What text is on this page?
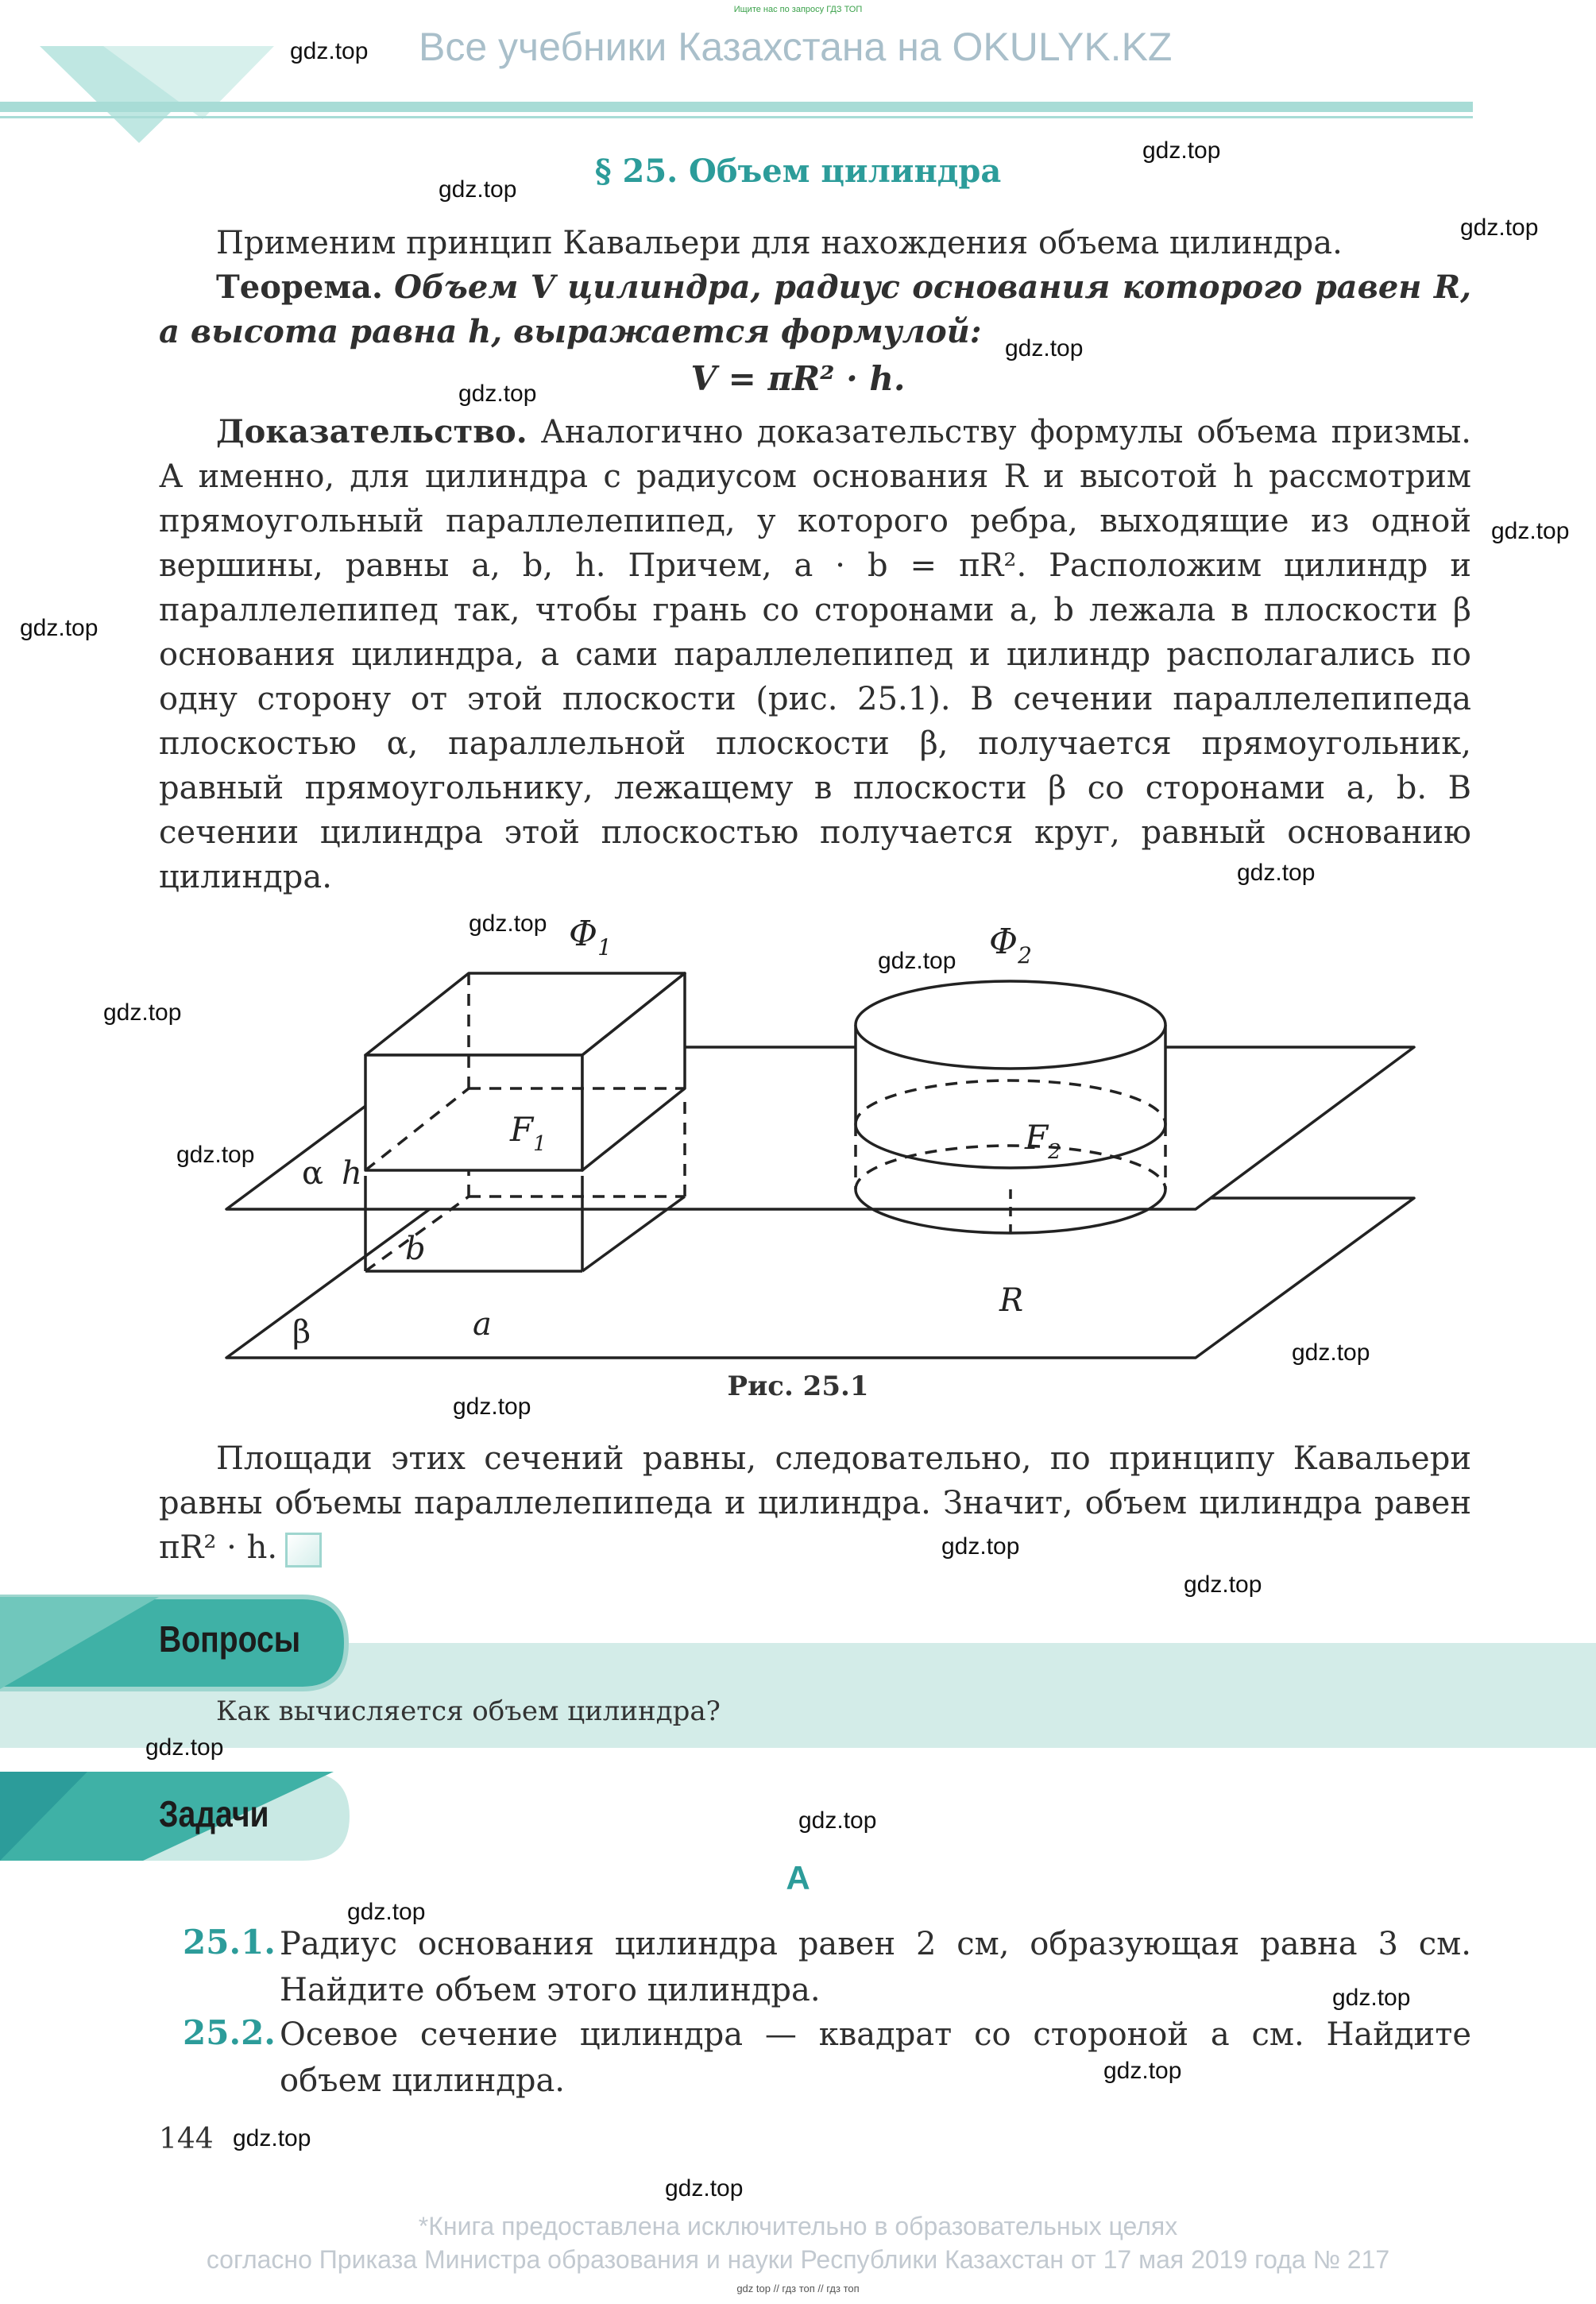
Ищите нас по запросу ГДЗ ТОП
Все учебники Казахстана на OKULYK.KZ
§ 25. Объем цилиндра
Применим принцип Кавальери для нахождения объема цилиндра.
Теорема. Объем V цилиндра, радиус основания которого равен R, а высота равна h, выражается формулой:
V = πR² · h.
Доказательство. Аналогично доказательству формулы объема призмы. А именно, для цилиндра с радиусом основания R и высотой h рассмотрим прямоугольный параллелепипед, у которого ребра, выходящие из одной вершины, равны a, b, h. Причем, a · b = πR². Расположим цилиндр и параллелепипед так, чтобы грань со сторонами a, b лежала в плоскости β основания цилиндра, а сами параллелепипед и цилиндр располагались по одну сторону от этой плоскости (рис. 25.1). В сечении параллелепипеда плоскостью α, параллельной плоскости β, получается прямоугольник, равный прямоугольнику, лежащему в плоскости β со сторонами a, b. В сечении цилиндра этой плоскостью получается круг, равный основанию цилиндра.
$\Phi_1$	$\Phi_2$
$F_1$	$F_2$
α h
b
a
β
R
Рис. 25.1
Площади этих сечений равны, следовательно, по принципу Кавальери равны объемы параллелепипеда и цилиндра. Значит, объем цилиндра равен πR² · h.
Вопросы
Как вычисляется объем цилиндра?
Задачи
А
25.1. Радиус основания цилиндра равен 2 см, образующая равна 3 см. Найдите объем этого цилиндра.
25.2. Осевое сечение цилиндра — квадрат со стороной a см. Найдите объем цилиндра.
144
*Книга предоставлена исключительно в образовательных целях
согласно Приказа Министра образования и науки Республики Казахстан от 17 мая 2019 года № 217
gdz top // гдз топ // гдз топ
gdz.top
gdz.top
gdz.top
gdz.top
gdz.top
gdz.top
gdz.top
gdz.top
gdz.top
gdz.top
gdz.top
gdz.top
gdz.top
gdz.top
gdz.top
gdz.top
gdz.top
gdz.top
gdz.top
gdz.top
gdz.top
gdz.top
gdz.top
gdz.top
